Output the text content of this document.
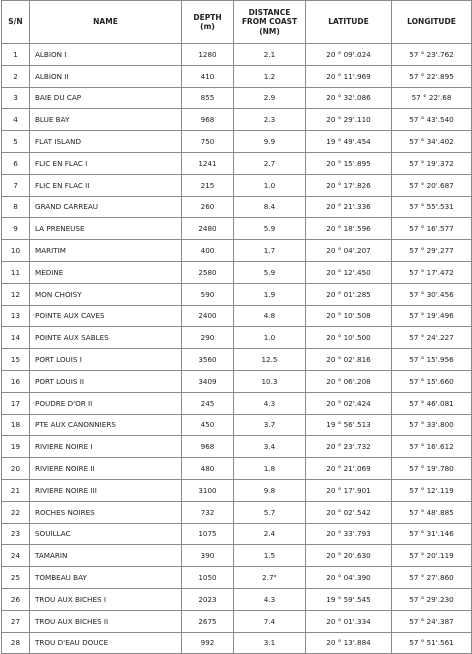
S/N	NAME	DEPTH
(m)	DISTANCE
FROM COAST
(NM)	LATITUDE	LONGITUDE
1	ALBION I	1280	2.1	20 ° 09'.024	57 ° 23'.762
2	ALBION II	410	1.2	20 ° 11'.969	57 ° 22'.895
3	BAIE DU CAP	855	2.9	20 ° 32'.086	57 ° 22'.68
4	BLUE BAY	968	2.3	20 ° 29'.110	57 ° 43'.540
5	FLAT ISLAND	750	9.9	19 ° 49'.454	57 ° 34'.402
6	FLIC EN FLAC I	1241	2.7	20 ° 15'.895	57 ° 19'.372
7	FLIC EN FLAC II	215	1.0	20 ° 17'.826	57 ° 20'.687
8	GRAND CARREAU	260	8.4	20 ° 21'.336	57 ° 55'.531
9	LA PRENEUSE	2480	5.9	20 ° 18'.596	57 ° 16'.577
10	MARITIM	400	1.7	20 ° 04'.207	57 ° 29'.277
11	MEDINE	2580	5.9	20 ° 12'.450	57 ° 17'.472
12	MON CHOISY	590	1.9	20 ° 01'.285	57 ° 30'.456
13	POINTE AUX CAVES	2400	4.8	20 ° 10'.508	57 ° 19'.496
14	POINTE AUX SABLES	290	1.0	20 ° 10'.500	57 ° 24'.227
15	PORT LOUIS I	3560	12.5	20 ° 02'.816	57 ° 15'.956
16	PORT LOUIS II	3409	10.3	20 ° 06'.208	57 ° 15'.660
17	POUDRE D'OR II	245	4.3	20 ° 02'.424	57 ° 46'.081
18	PTE AUX CANONNIERS	450	3.7	19 ° 56'.513	57 ° 33'.800
19	RIVIERE NOIRE I	968	3.4	20 ° 23'.732	57 ° 16'.612
20	RIVIERE NOIRE II	480	1.8	20 ° 21'.069	57 ° 19'.780
21	RIVIERE NOIRE III	3100	9.8	20 ° 17'.901	57 ° 12'.119
22	ROCHES NOIRES	732	5.7	20 ° 02'.542	57 ° 48'.885
23	SOUILLAC	1075	2.4	20 ° 33'.793	57 ° 31'.146
24	TAMARIN	390	1.5	20 ° 20'.630	57 ° 20'.119
25	TOMBEAU BAY	1050	2.7"	20 ° 04'.390	57 ° 27'.860
26	TROU AUX BICHES I	2023	4.3	19 ° 59'.545	57 ° 29'.230
27	TROU AUX BICHES II	2675	7.4	20 ° 01'.334	57 ° 24'.387
28	TROU D'EAU DOUCE	992	3.1	20 ° 13'.884	57 ° 51'.561
